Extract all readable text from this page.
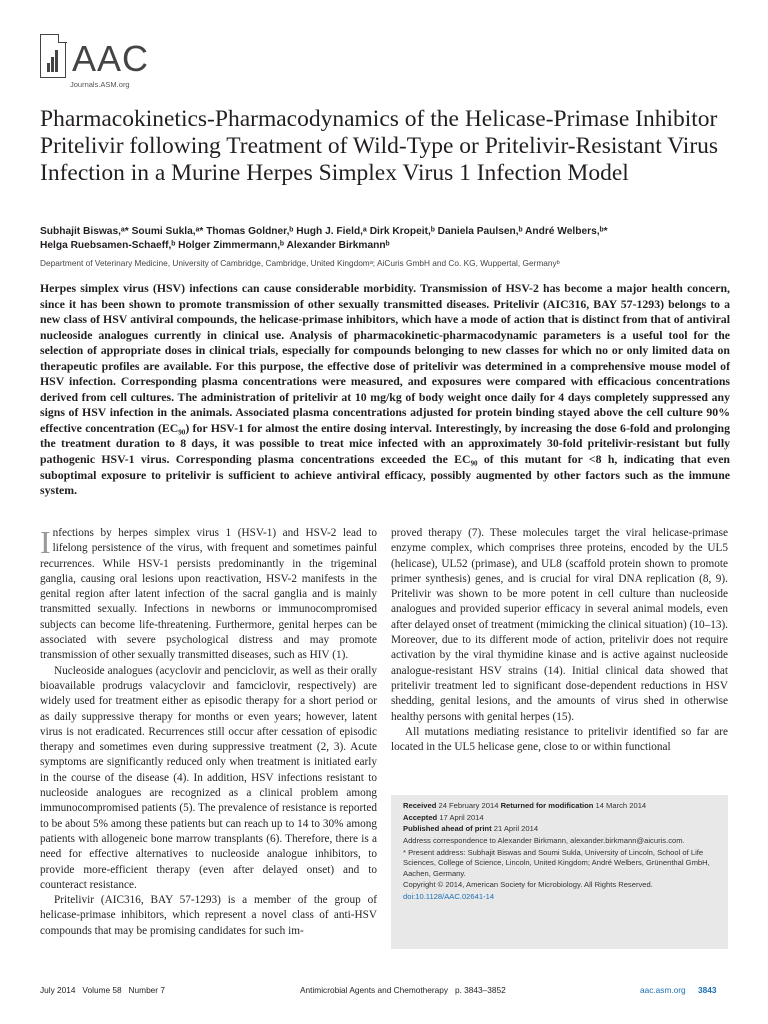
AAC
Journals.ASM.org
Pharmacokinetics-Pharmacodynamics of the Helicase-Primase Inhibitor Pritelivir following Treatment of Wild-Type or Pritelivir-Resistant Virus Infection in a Murine Herpes Simplex Virus 1 Infection Model
Subhajit Biswas,ᵃ* Soumi Sukla,ᵃ* Thomas Goldner,ᵇ Hugh J. Field,ᵃ Dirk Kropeit,ᵇ Daniela Paulsen,ᵇ André Welbers,ᵇ*
Helga Ruebsamen-Schaeff,ᵇ Holger Zimmermann,ᵇ Alexander Birkmannᵇ
Department of Veterinary Medicine, University of Cambridge, Cambridge, United Kingdomᵃ; AiCuris GmbH and Co. KG, Wuppertal, Germanyᵇ
Herpes simplex virus (HSV) infections can cause considerable morbidity. Transmission of HSV-2 has become a major health concern, since it has been shown to promote transmission of other sexually transmitted diseases. Pritelivir (AIC316, BAY 57-1293) belongs to a new class of HSV antiviral compounds, the helicase-primase inhibitors, which have a mode of action that is distinct from that of antiviral nucleoside analogues currently in clinical use. Analysis of pharmacokinetic-pharmacodynamic parameters is a useful tool for the selection of appropriate doses in clinical trials, especially for compounds belonging to new classes for which no or only limited data on therapeutic profiles are available. For this purpose, the effective dose of pritelivir was determined in a comprehensive mouse model of HSV infection. Corresponding plasma concentrations were measured, and exposures were compared with efficacious concentrations derived from cell cultures. The administration of pritelivir at 10 mg/kg of body weight once daily for 4 days completely suppressed any signs of HSV infection in the animals. Associated plasma concentrations adjusted for protein binding stayed above the cell culture 90% effective concentration (EC₉₀) for HSV-1 for almost the entire dosing interval. Interestingly, by increasing the dose 6-fold and prolonging the treatment duration to 8 days, it was possible to treat mice infected with an approximately 30-fold pritelivir-resistant but fully pathogenic HSV-1 virus. Corresponding plasma concentrations exceeded the EC₉₀ of this mutant for <8 h, indicating that even suboptimal exposure to pritelivir is sufficient to achieve antiviral efficacy, possibly augmented by other factors such as the immune system.

Infections by herpes simplex virus 1 (HSV-1) and HSV-2 lead to lifelong persistence of the virus, with frequent and sometimes painful recurrences. While HSV-1 persists predominantly in the trigeminal ganglia, causing oral lesions upon reactivation, HSV-2 manifests in the genital region after latent infection of the sacral ganglia and is mainly transmitted sexually. Infections in newborns or immunocompromised subjects can become life-threatening. Furthermore, genital herpes can be associated with severe psychological distress and may promote transmission of other sexually transmitted diseases, such as HIV (1).

Nucleoside analogues (acyclovir and penciclovir, as well as their orally bioavailable prodrugs valacyclovir and famciclovir, respectively) are widely used for treatment either as episodic therapy for a short period or as daily suppressive therapy for months or even years; however, latent virus is not eradicated. Recurrences still occur after cessation of episodic therapy and sometimes even during suppressive treatment (2, 3). Acute symptoms are significantly reduced only when treatment is initiated early in the course of the disease (4). In addition, HSV infections resistant to nucleoside analogues are recognized as a clinical problem among immunocompromised patients (5). The prevalence of resistance is reported to be about 5% among these patients but can reach up to 14 to 30% among patients with allogeneic bone marrow transplants (6). Therefore, there is a need for effective alternatives to nucleoside analogue inhibitors, to provide more-efficient therapy (even after delayed onset) and to counteract resistance.

Pritelivir (AIC316, BAY 57-1293) is a member of the group of helicase-primase inhibitors, which represent a novel class of anti-HSV compounds that may be promising candidates for such im-

proved therapy (7). These molecules target the viral helicase-primase enzyme complex, which comprises three proteins, encoded by the UL5 (helicase), UL52 (primase), and UL8 (scaffold protein shown to promote primer synthesis) genes, and is crucial for viral DNA replication (8, 9). Pritelivir was shown to be more potent in cell culture than nucleoside analogues and provided superior efficacy in several animal models, even after delayed onset of treatment (mimicking the clinical situation) (10–13). Moreover, due to its different mode of action, pritelivir does not require activation by the viral thymidine kinase and is active against nucleoside analogue-resistant HSV strains (14). Initial clinical data showed that pritelivir treatment led to significant dose-dependent reductions in HSV shedding, genital lesions, and the amounts of virus shed in otherwise healthy persons with genital herpes (15).

All mutations mediating resistance to pritelivir identified so far are located in the UL5 helicase gene, close to or within functional

Received 24 February 2014 Returned for modification 14 March 2014
Accepted 17 April 2014
Published ahead of print 21 April 2014
Address correspondence to Alexander Birkmann, alexander.birkmann@aicuris.com.
* Present address: Subhajit Biswas and Soumi Sukla, University of Lincoln, School of Life Sciences, College of Science, Lincoln, United Kingdom; André Welbers, Grünenthal GmbH, Aachen, Germany.
Copyright © 2014, American Society for Microbiology. All Rights Reserved.
doi:10.1128/AAC.02641-14
July 2014   Volume 58   Number 7	Antimicrobial Agents and Chemotherapy   p. 3843–3852	aac.asm.org 3843
